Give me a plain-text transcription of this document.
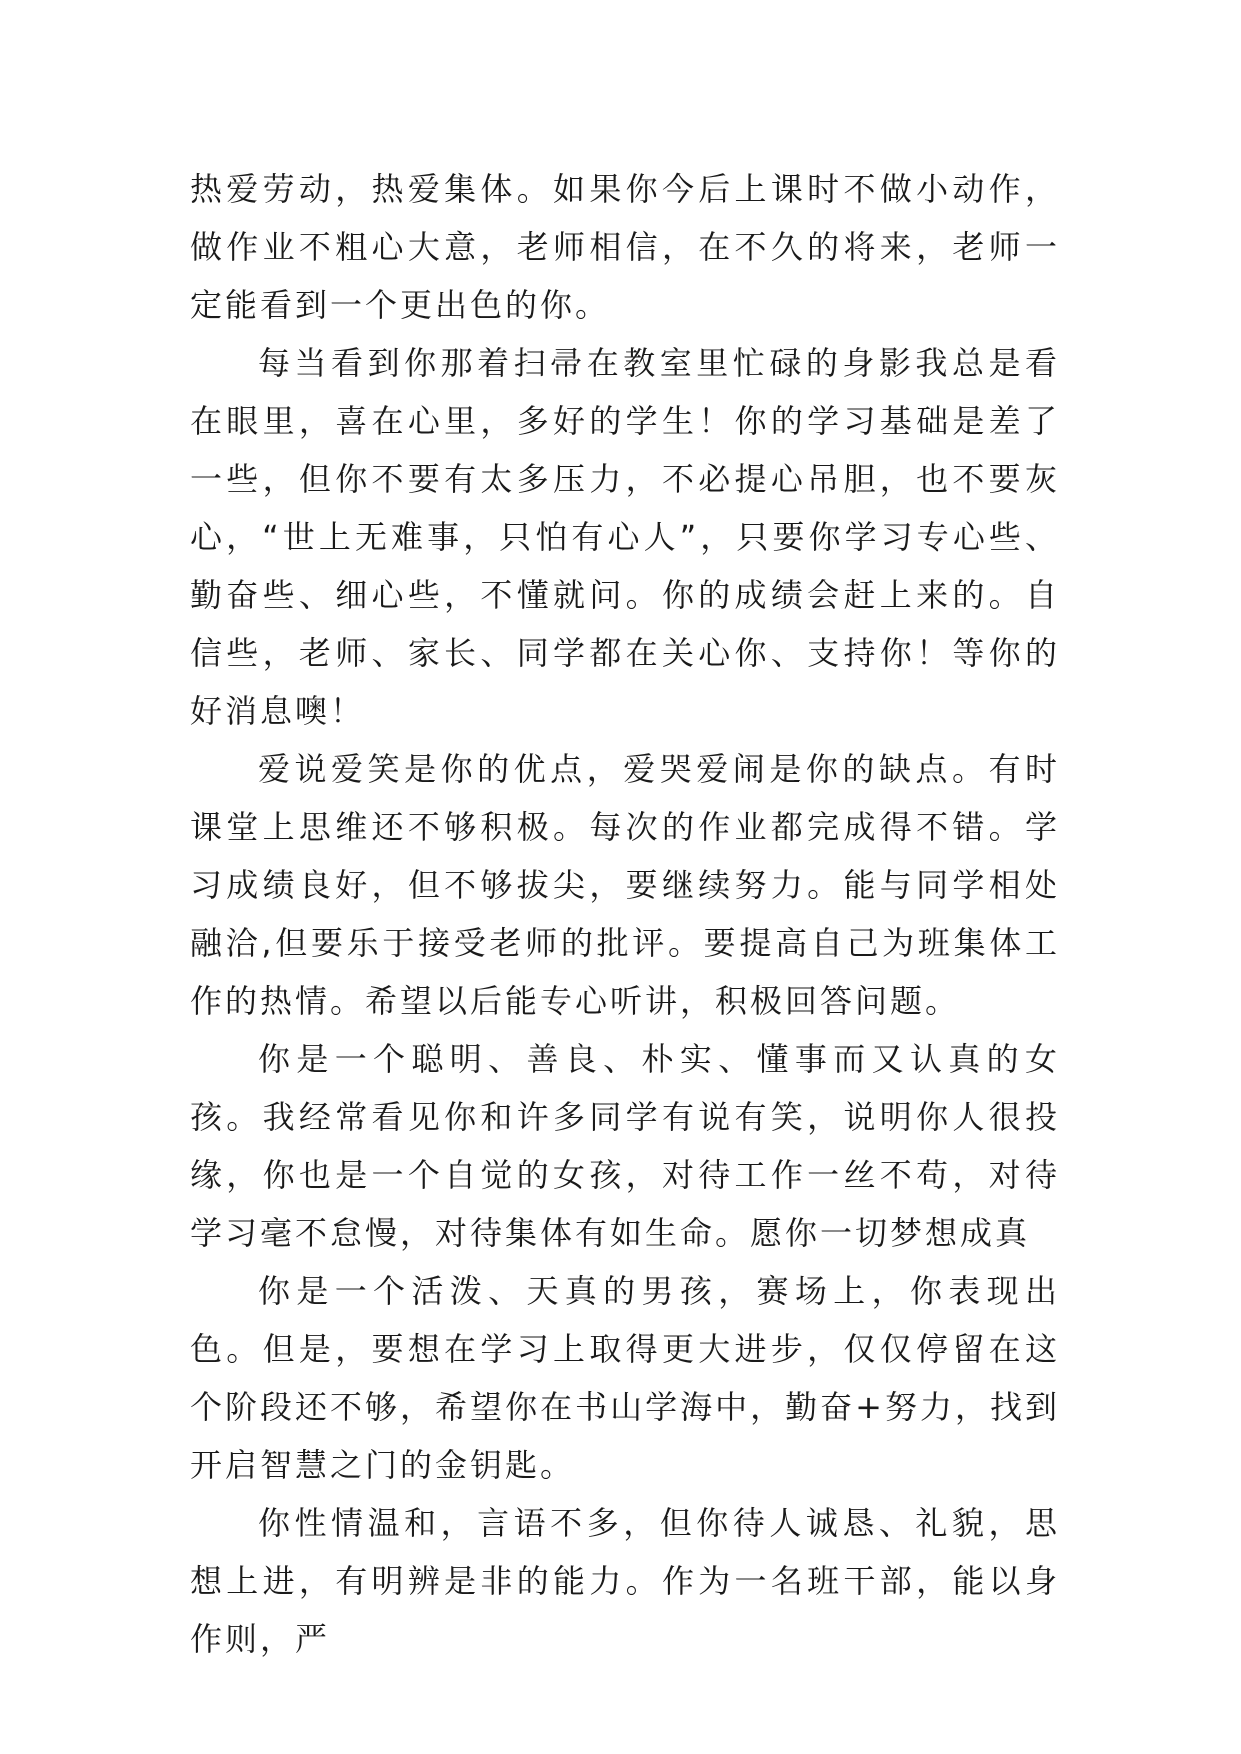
热爱劳动，热爱集体。如果你今后上课时不做小动作，做作业不粗心大意，老师相信，在不久的将来，老师一定能看到一个更出色的你。

每当看到你那着扫帚在教室里忙碌的身影我总是看在眼里，喜在心里，多好的学生！你的学习基础是差了一些，但你不要有太多压力，不必提心吊胆，也不要灰心，“世上无难事，只怕有心人”，只要你学习专心些、勤奋些、细心些，不懂就问。你的成绩会赶上来的。自信些，老师、家长、同学都在关心你、支持你！等你的好消息噢！

爱说爱笑是你的优点，爱哭爱闹是你的缺点。有时课堂上思维还不够积极。每次的作业都完成得不错。学习成绩良好，但不够拔尖，要继续努力。能与同学相处融洽,但要乐于接受老师的批评。要提高自己为班集体工作的热情。希望以后能专心听讲，积极回答问题。

你是一个聪明、善良、朴实、懂事而又认真的女孩。我经常看见你和许多同学有说有笑，说明你人很投缘，你也是一个自觉的女孩，对待工作一丝不苟，对待学习毫不怠慢，对待集体有如生命。愿你一切梦想成真

你是一个活泼、天真的男孩，赛场上，你表现出色。但是，要想在学习上取得更大进步，仅仅停留在这个阶段还不够，希望你在书山学海中，勤奋+努力，找到开启智慧之门的金钥匙。

你性情温和，言语不多，但你待人诚恳、礼貌，思想上进，有明辨是非的能力。作为一名班干部，能以身作则，严
